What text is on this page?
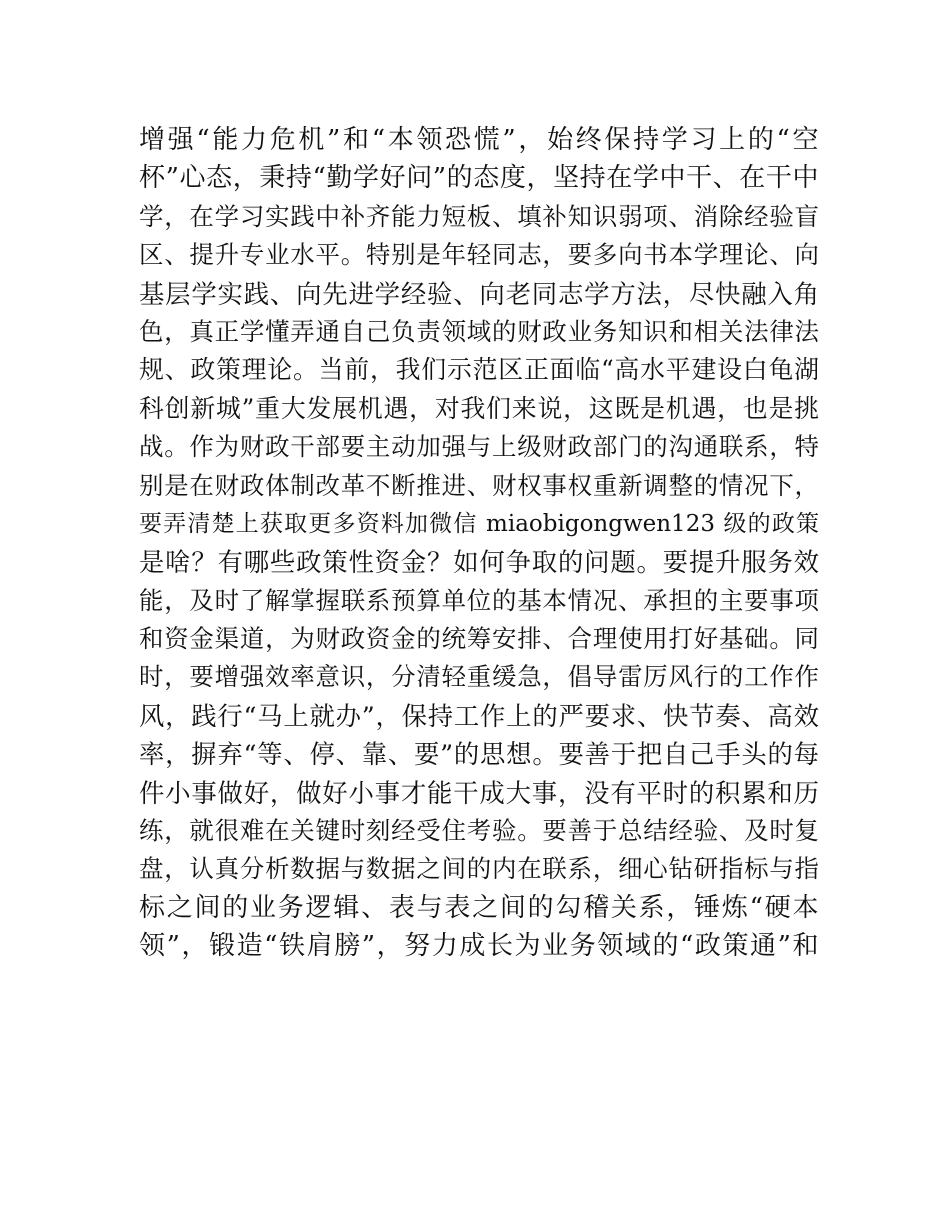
增强“能力危机”和“本领恐慌”，始终保持学习上的“空
杯”心态，秉持“勤学好问”的态度，坚持在学中干、在干中
学，在学习实践中补齐能力短板、填补知识弱项、消除经验盲
区、提升专业水平。特别是年轻同志，要多向书本学理论、向
基层学实践、向先进学经验、向老同志学方法，尽快融入角
色，真正学懂弄通自己负责领域的财政业务知识和相关法律法
规、政策理论。当前，我们示范区正面临“高水平建设白龟湖
科创新城”重大发展机遇，对我们来说，这既是机遇，也是挑
战。作为财政干部要主动加强与上级财政部门的沟通联系，特
别是在财政体制改革不断推进、财权事权重新调整的情况下，
要弄清楚上获取更多资料加微信 miaobigongwen123 级的政策
是啥？有哪些政策性资金？如何争取的问题。要提升服务效
能，及时了解掌握联系预算单位的基本情况、承担的主要事项
和资金渠道，为财政资金的统筹安排、合理使用打好基础。同
时，要增强效率意识，分清轻重缓急，倡导雷厉风行的工作作
风，践行“马上就办”，保持工作上的严要求、快节奏、高效
率，摒弃“等、停、靠、要”的思想。要善于把自己手头的每
件小事做好，做好小事才能干成大事，没有平时的积累和历
练，就很难在关键时刻经受住考验。要善于总结经验、及时复
盘，认真分析数据与数据之间的内在联系，细心钻研指标与指
标之间的业务逻辑、表与表之间的勾稽关系，锤炼“硬本
领”，锻造“铁肩膀”，努力成长为业务领域的“政策通”和
